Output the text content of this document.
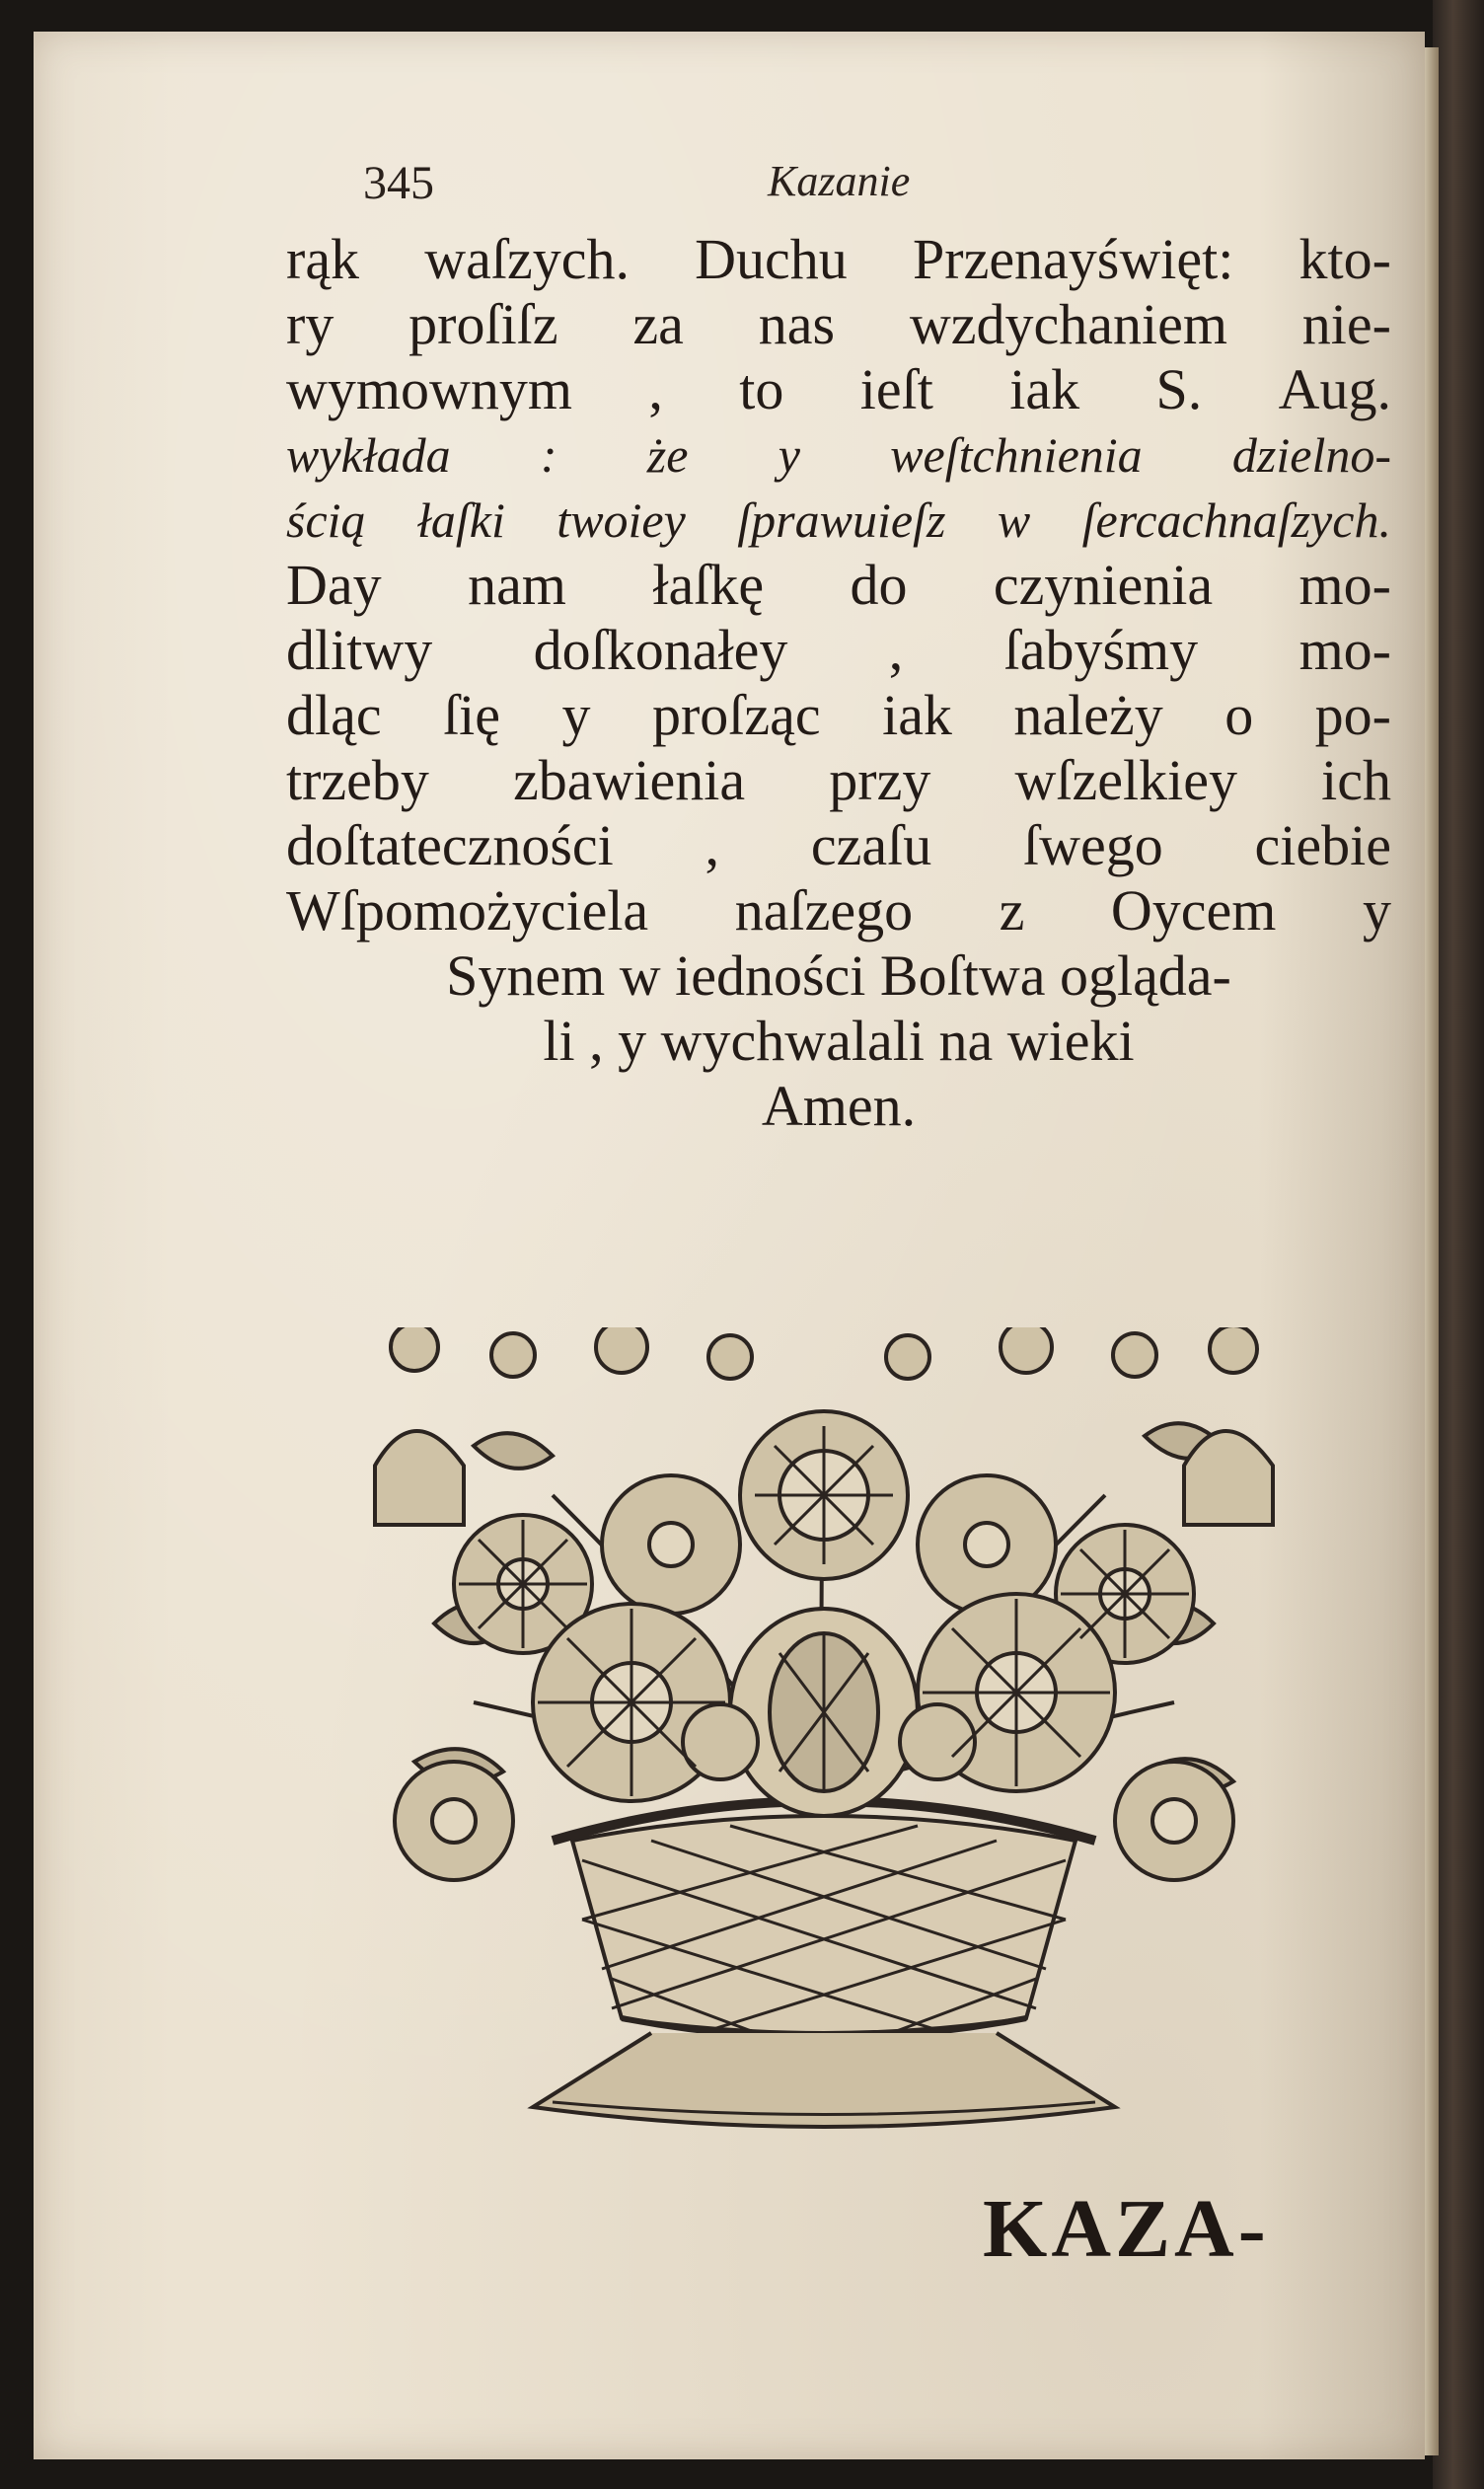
345	Kazanie
rąk waſzych. Duchu Przenayświęt: kto-
ry proſiſz za nas wzdychaniem nie-
wymownym , to ieſt iak S. Aug.
wykłada : że y weſtchnienia dzielno-
ścią łaſki twoiey ſprawuieſz w ſercachnaſzych.
Day nam łaſkę do czynienia mo-
dlitwy doſkonałey , ſabyśmy mo-
dląc ſię y proſząc iak należy o po-
trzeby zbawienia przy wſzelkiey ich
doſtateczności , czaſu ſwego ciebie
Wſpomożyciela naſzego z Oycem y
Synem w iedności Boſtwa ogląda-
li , y wychwalali na wieki
Amen.
KAZA-
